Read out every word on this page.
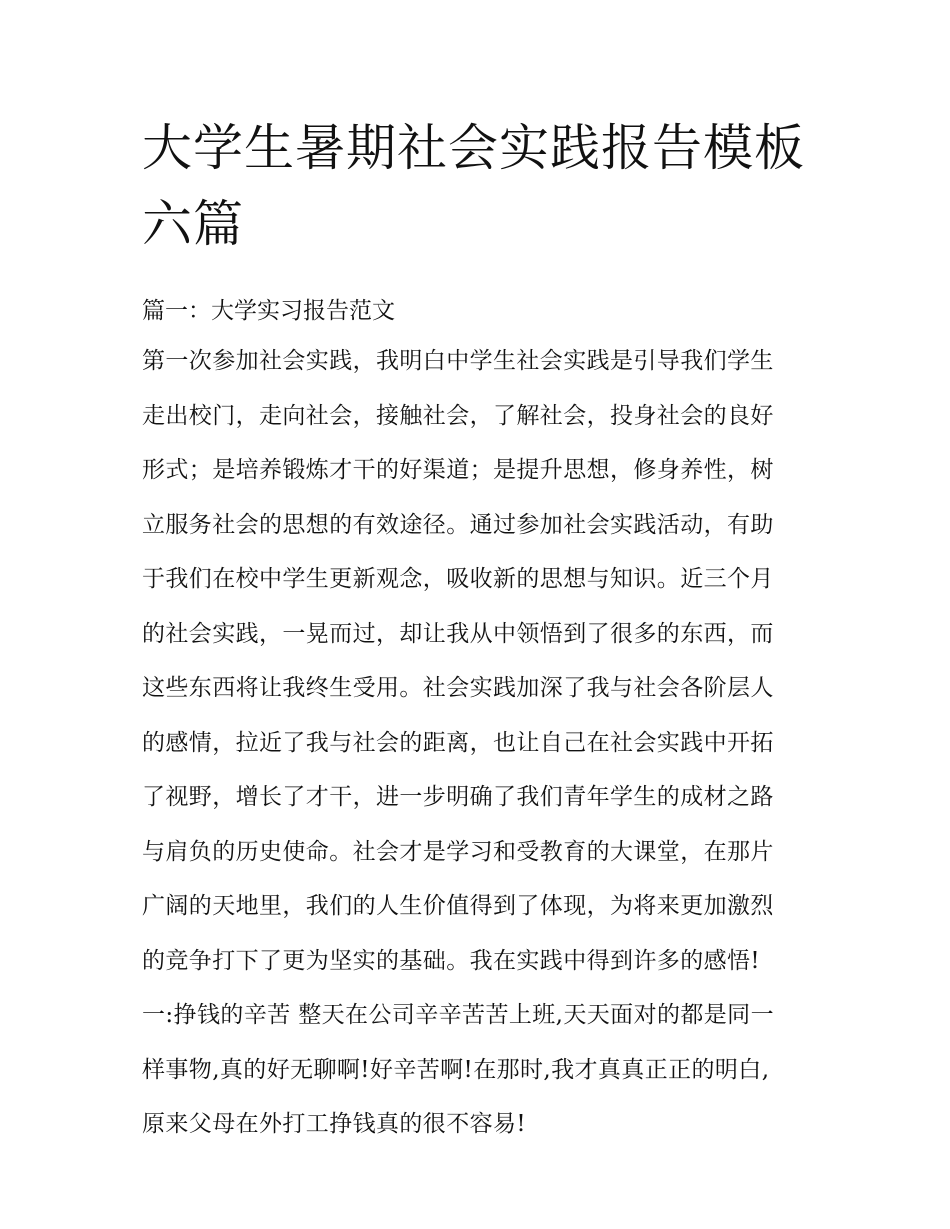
大学生暑期社会实践报告模板六篇
篇一：大学实习报告范文
第一次参加社会实践，我明白中学生社会实践是引导我们学生
走出校门，走向社会，接触社会，了解社会，投身社会的良好
形式；是培养锻炼才干的好渠道；是提升思想，修身养性，树
立服务社会的思想的有效途径。通过参加社会实践活动，有助
于我们在校中学生更新观念，吸收新的思想与知识。近三个月
的社会实践，一晃而过，却让我从中领悟到了很多的东西，而
这些东西将让我终生受用。社会实践加深了我与社会各阶层人
的感情，拉近了我与社会的距离，也让自己在社会实践中开拓
了视野，增长了才干，进一步明确了我们青年学生的成材之路
与肩负的历史使命。社会才是学习和受教育的大课堂，在那片
广阔的天地里，我们的人生价值得到了体现，为将来更加激烈
的竞争打下了更为坚实的基础。我在实践中得到许多的感悟!
一:挣钱的辛苦 整天在公司辛辛苦苦上班,天天面对的都是同一
样事物,真的好无聊啊!好辛苦啊!在那时,我才真真正正的明白,
原来父母在外打工挣钱真的很不容易!
